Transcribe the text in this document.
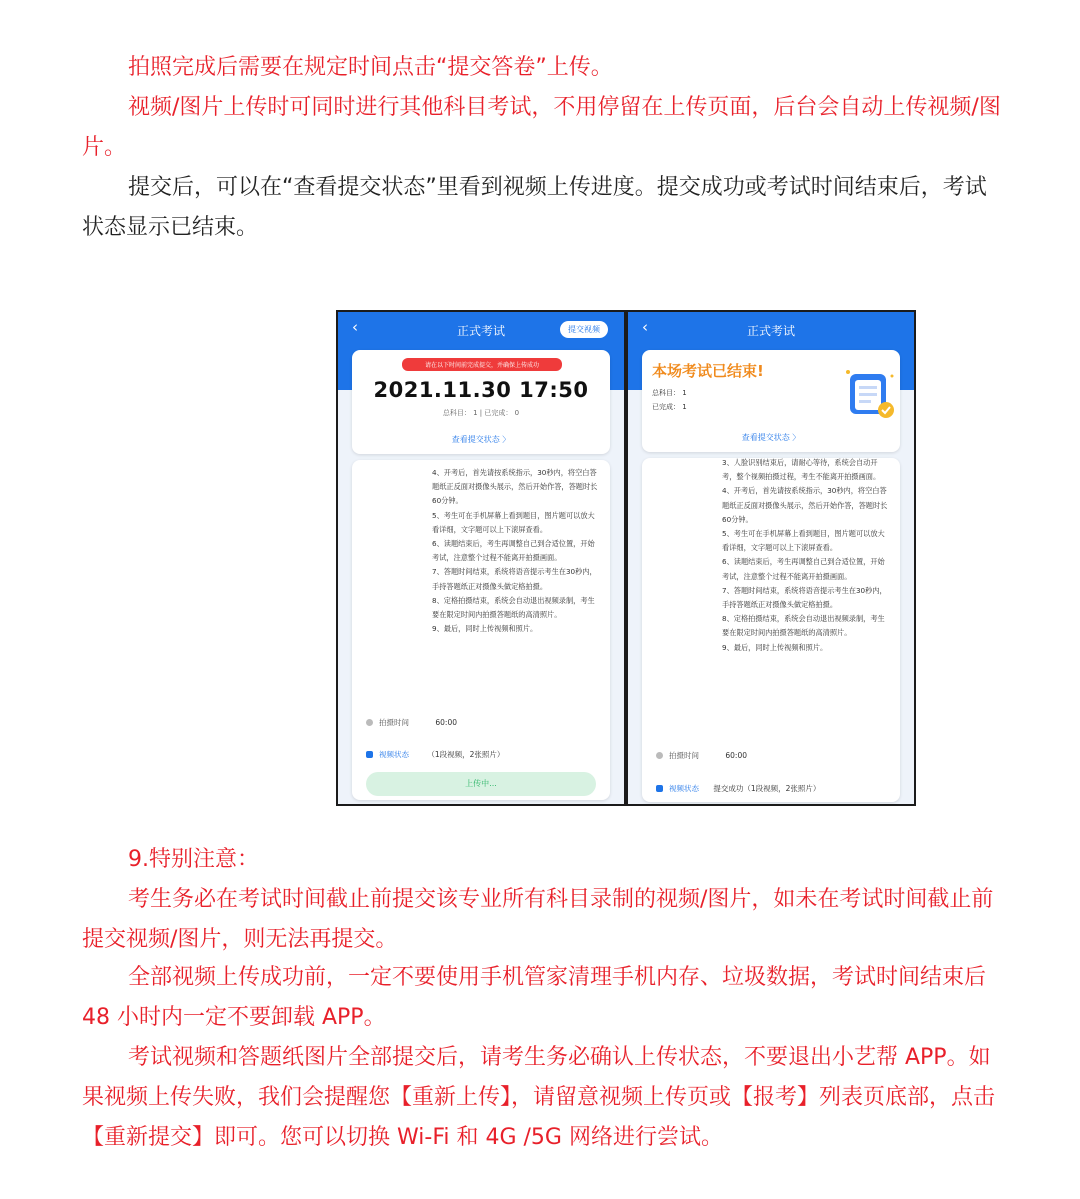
拍照完成后需要在规定时间点击“提交答卷”上传。

视频/图片上传时可同时进行其他科目考试，不用停留在上传页面，后台会自动上传视频/图片。

提交后，可以在“查看提交状态”里看到视频上传进度。提交成功或考试时间结束后，考试状态显示已结束。

‹	正式考试	提交视频
请在以下时间前完成提交，并确保上传成功
2021.11.30 17:50
总科目： 1 | 已完成： 0
查看提交状态 〉

4、开考后，首先请按系统指示，30秒内，将空白答题纸正反面对摄像头展示，然后开始作答，答题时长60分钟。
5、考生可在手机屏幕上看到题目，图片题可以放大看详细，文字题可以上下滚屏查看。
6、读题结束后，考生再调整自己到合适位置，开始考试，注意整个过程不能离开拍摄画面。
7、答题时间结束，系统将语音提示考生在30秒内，手持答题纸正对摄像头做定格拍摄。
8、定格拍摄结束，系统会自动退出视频录制，考生要在限定时间内拍摄答题纸的高清照片。
9、最后，同时上传视频和照片。

拍摄时间	60:00
视频状态 （1段视频，2张照片）
上传中...
‹	正式考试
本场考试已结束!
总科目： 1
已完成： 1
查看提交状态 〉

3、人脸识别结束后，请耐心等待，系统会自动开考，整个视频拍摄过程，考生不能离开拍摄画面。
4、开考后，首先请按系统指示，30秒内，将空白答题纸正反面对摄像头展示，然后开始作答，答题时长60分钟。
5、考生可在手机屏幕上看到题目，图片题可以放大看详细，文字题可以上下滚屏查看。
6、读题结束后，考生再调整自己到合适位置，开始考试，注意整个过程不能离开拍摄画面。
7、答题时间结束，系统将语音提示考生在30秒内，手持答题纸正对摄像头做定格拍摄。
8、定格拍摄结束，系统会自动退出视频录制，考生要在限定时间内拍摄答题纸的高清照片。
9、最后，同时上传视频和照片。

拍摄时间	60:00
视频状态 提交成功（1段视频，2张照片）

9.特别注意：

考生务必在考试时间截止前提交该专业所有科目录制的视频/图片，如未在考试时间截止前提交视频/图片，则无法再提交。

全部视频上传成功前，一定不要使用手机管家清理手机内存、垃圾数据，考试时间结束后 48 小时内一定不要卸载 APP。

考试视频和答题纸图片全部提交后，请考生务必确认上传状态，不要退出小艺帮 APP。如果视频上传失败，我们会提醒您【重新上传】，请留意视频上传页或【报考】列表页底部，点击【重新提交】即可。您可以切换 Wi-Fi 和 4G /5G 网络进行尝试。
